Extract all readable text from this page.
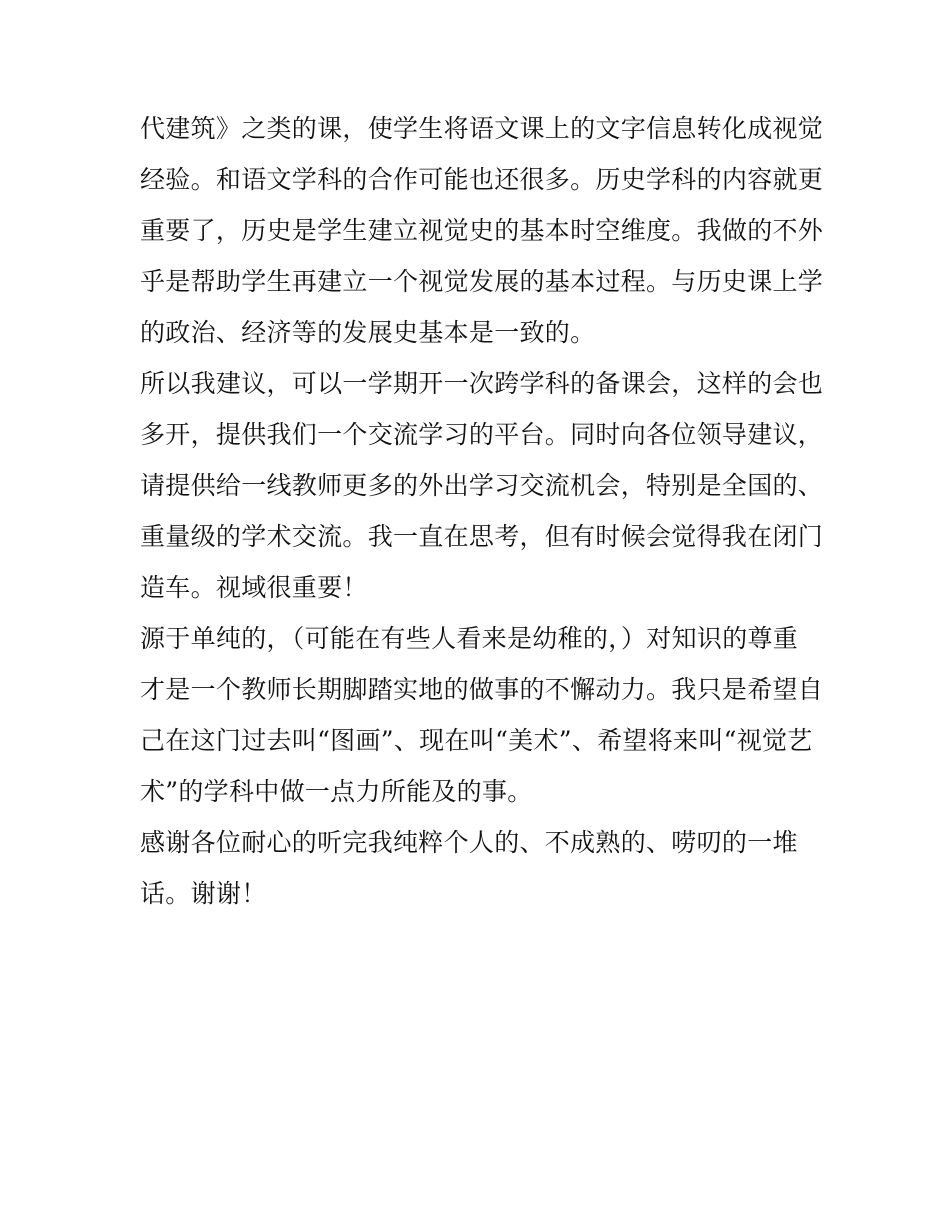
代建筑》之类的课，使学生将语文课上的文字信息转化成视觉
经验。和语文学科的合作可能也还很多。历史学科的内容就更
重要了，历史是学生建立视觉史的基本时空维度。我做的不外
乎是帮助学生再建立一个视觉发展的基本过程。与历史课上学
的政治、经济等的发展史基本是一致的。
所以我建议，可以一学期开一次跨学科的备课会，这样的会也
多开，提供我们一个交流学习的平台。同时向各位领导建议，
请提供给一线教师更多的外出学习交流机会，特别是全国的、
重量级的学术交流。我一直在思考，但有时候会觉得我在闭门
造车。视域很重要！
源于单纯的，（可能在有些人看来是幼稚的，）对知识的尊重
才是一个教师长期脚踏实地的做事的不懈动力。我只是希望自
己在这门过去叫“图画”、现在叫“美术”、希望将来叫“视觉艺
术”的学科中做一点力所能及的事。
感谢各位耐心的听完我纯粹个人的、不成熟的、唠叨的一堆
话。谢谢！
